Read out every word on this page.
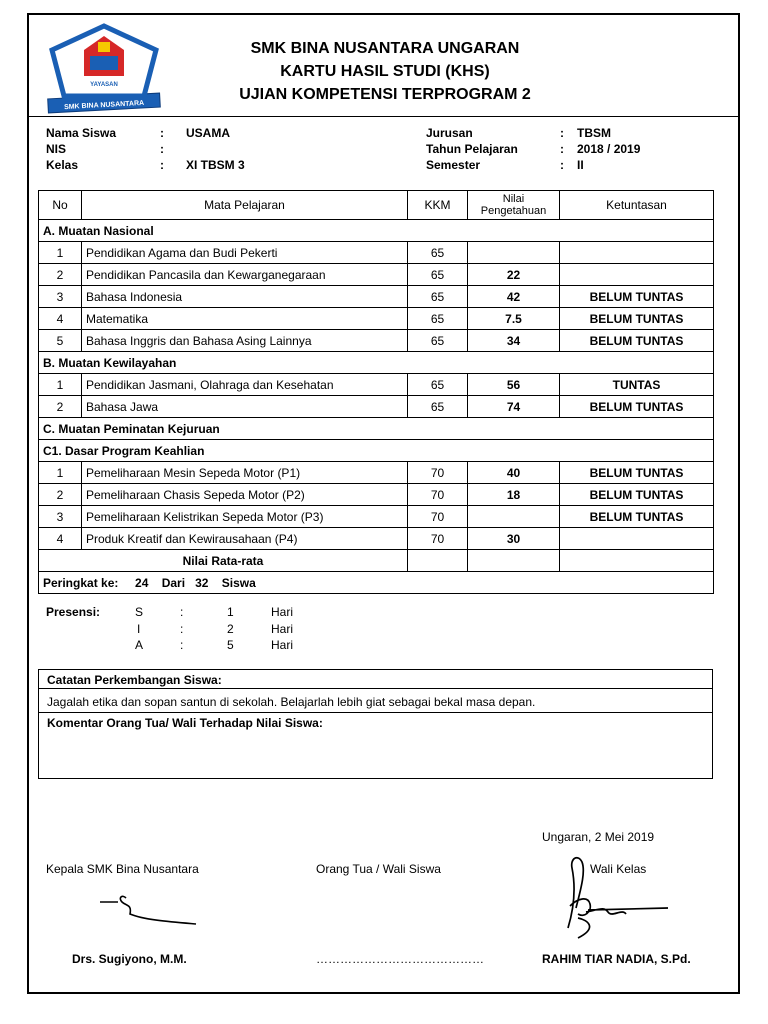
SMK BINA NUSANTARA
YAYASAN
SMK BINA NUSANTARA UNGARAN
KARTU HASIL STUDI (KHS)
UJIAN KOMPETENSI TERPROGRAM 2
Nama Siswa	: USAMA
NIS	:
Kelas	: XI TBSM 3
Jurusan	: TBSM
Tahun Pelajaran	: 2018 / 2019
Semester	: II
No	Mata Pelajaran	KKM	Nilai
Pengetahuan	Ketuntasan
A. Muatan Nasional				
1	Pendidikan Agama dan Budi Pekerti	65		
2	Pendidikan Pancasila dan Kewarganegaraan	65	22	
3	Bahasa Indonesia	65	42	BELUM TUNTAS
4	Matematika	65	7.5	BELUM TUNTAS
5	Bahasa Inggris dan Bahasa Asing Lainnya	65	34	BELUM TUNTAS
B. Muatan Kewilayahan				
1	Pendidikan Jasmani, Olahraga dan Kesehatan	65	56	TUNTAS
2	Bahasa Jawa	65	74	BELUM TUNTAS
C. Muatan Peminatan Kejuruan				
C1. Dasar Program Keahlian				
1	Pemeliharaan Mesin Sepeda Motor (P1)	70	40	BELUM TUNTAS
2	Pemeliharaan Chasis Sepeda Motor (P2)	70	18	BELUM TUNTAS
3	Pemeliharaan Kelistrikan Sepeda Motor (P3)	70		BELUM TUNTAS
4	Produk Kreatif dan Kewirausahaan (P4)	70	30	
Nilai Rata-rata				
Peringkat ke:     24    Dari   32    Siswa				
Presensi:	S	:	1	Hari
I	:	2	Hari
A	:	5	Hari
Catatan Perkembangan Siswa:
Jagalah etika dan sopan santun di sekolah. Belajarlah lebih giat sebagai bekal masa depan.
Komentar Orang Tua/ Wali Terhadap Nilai Siswa:
Ungaran, 2 Mei 2019
Kepala SMK Bina Nusantara	Orang Tua / Wali Siswa	Wali Kelas
Drs. Sugiyono, M.M.	……………………………………	RAHIM TIAR NADIA, S.Pd.
